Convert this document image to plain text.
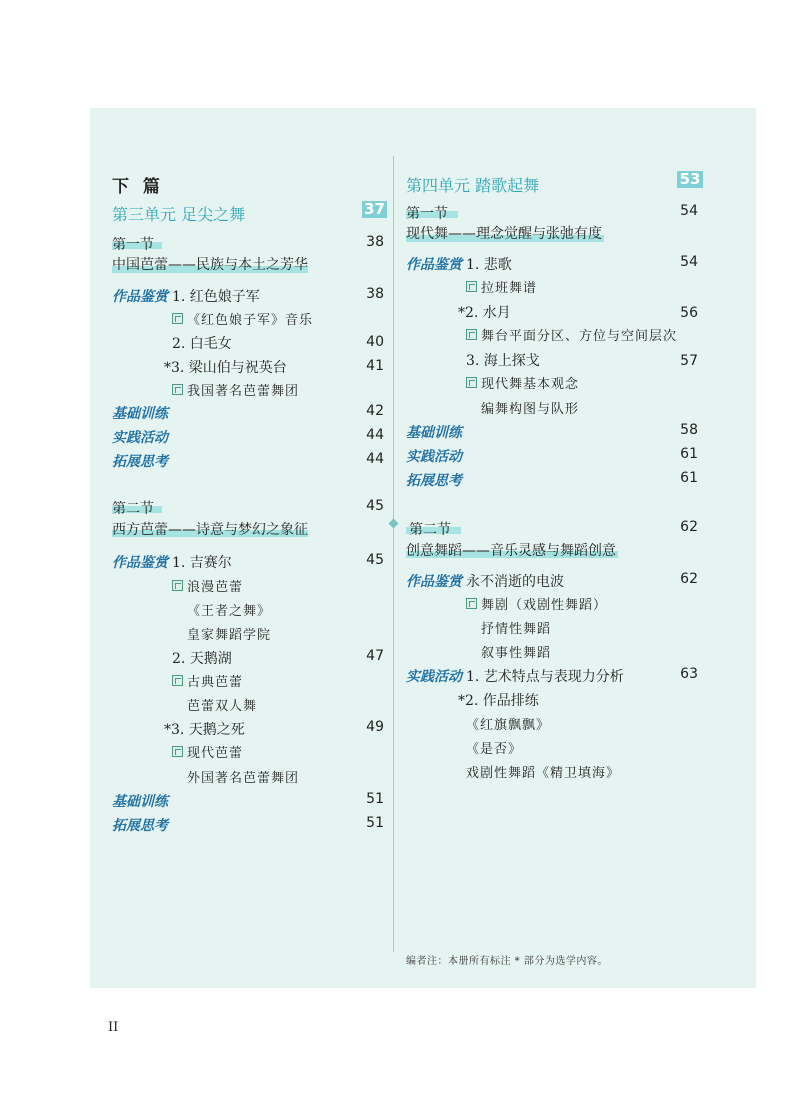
下 篇
第三单元 足尖之舞	37
第一节	38
中国芭蕾——民族与本土之芳华
作品鉴赏 1. 红色娘子军	38
《红色娘子军》音乐
2. 白毛女	40
*3. 梁山伯与祝英台	41
我国著名芭蕾舞团
基础训练	42
实践活动	44
拓展思考	44
第二节	45
西方芭蕾——诗意与梦幻之象征
作品鉴赏 1. 吉赛尔	45
浪漫芭蕾
《王者之舞》
皇家舞蹈学院
2. 天鹅湖	47
古典芭蕾
芭蕾双人舞
*3. 天鹅之死	49
现代芭蕾
外国著名芭蕾舞团
基础训练	51
拓展思考	51
第四单元 踏歌起舞	53
第一节	54
现代舞——理念觉醒与张弛有度
作品鉴赏 1. 悲歌	54
拉班舞谱
*2. 水月	56
舞台平面分区、方位与空间层次
3. 海上探戈	57
现代舞基本观念
编舞构图与队形
基础训练	58
实践活动	61
拓展思考	61
第二节	62
创意舞蹈——音乐灵感与舞蹈创意
作品鉴赏 永不消逝的电波	62
舞剧（戏剧性舞蹈）
抒情性舞蹈
叙事性舞蹈
实践活动 1. 艺术特点与表现力分析	63
*2. 作品排练
《红旗飘飘》
《是否》
戏剧性舞蹈《精卫填海》
编者注：本册所有标注 * 部分为选学内容。
II
